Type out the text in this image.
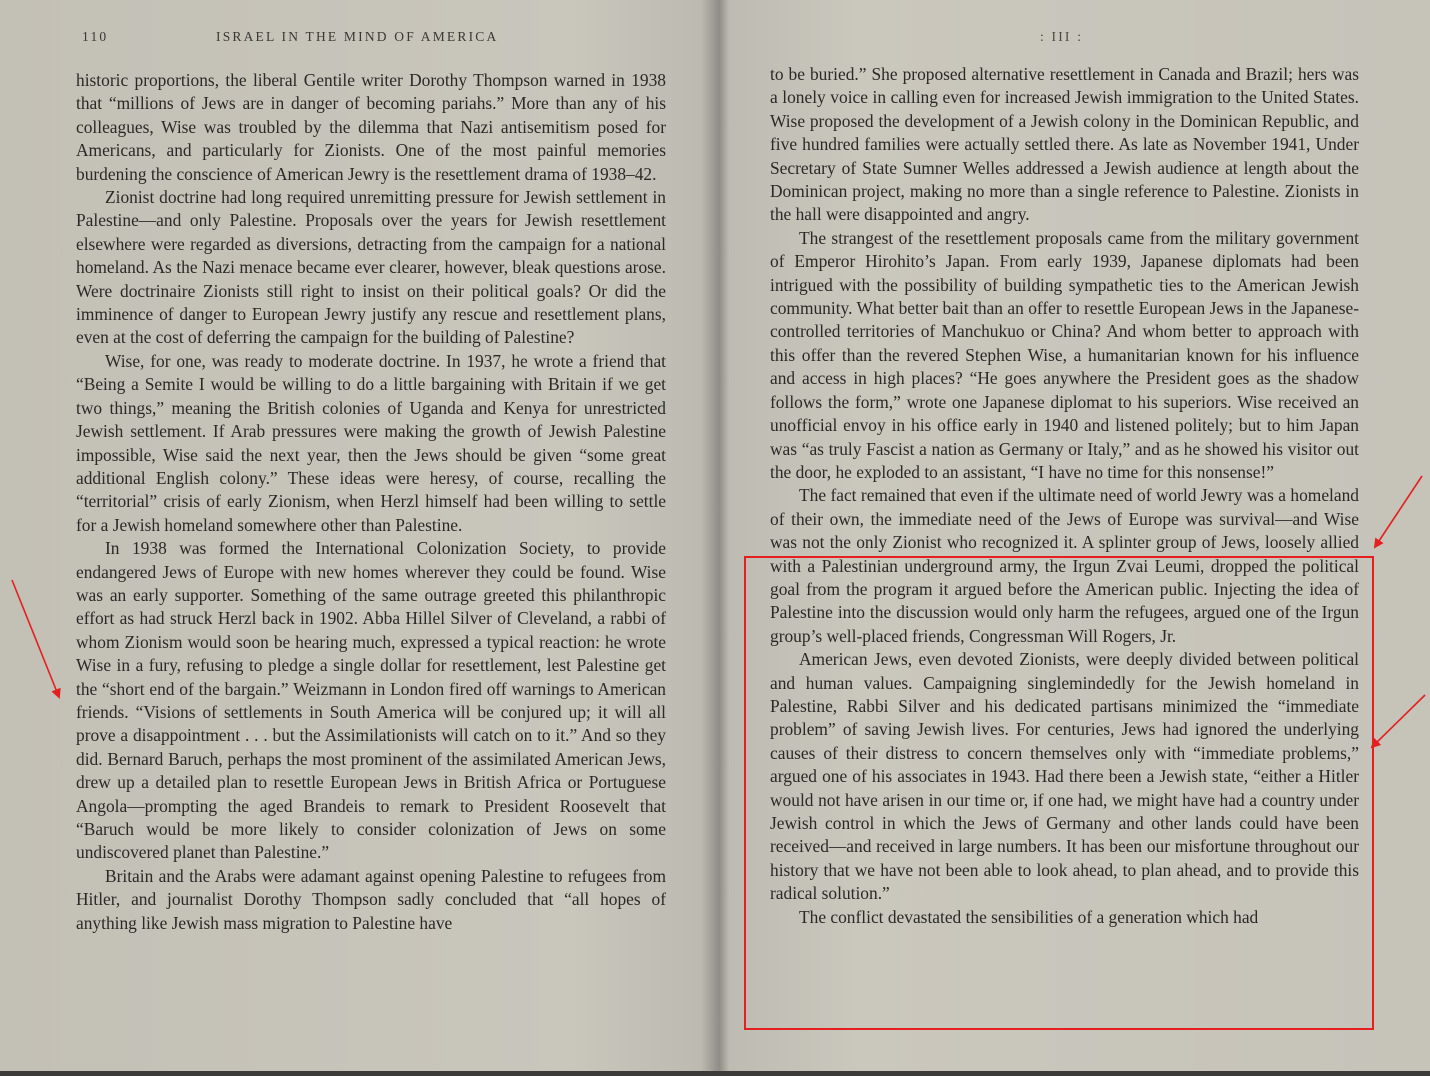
110	ISRAEL IN THE MIND OF AMERICA

historic proportions, the liberal Gentile writer Dorothy Thompson warned in 1938 that “millions of Jews are in danger of becoming pariahs.” More than any of his colleagues, Wise was troubled by the dilemma that Nazi antisemitism posed for Americans, and particularly for Zionists. One of the most painful memories burdening the conscience of American Jewry is the resettlement drama of 1938–42.

Zionist doctrine had long required unremitting pressure for Jewish settlement in Palestine—and only Palestine. Proposals over the years for Jewish resettlement elsewhere were regarded as diversions, detracting from the campaign for a national homeland. As the Nazi menace became ever clearer, however, bleak questions arose. Were doctrinaire Zionists still right to insist on their political goals? Or did the imminence of danger to European Jewry justify any rescue and resettlement plans, even at the cost of deferring the campaign for the building of Palestine?

Wise, for one, was ready to moderate doctrine. In 1937, he wrote a friend that “Being a Semite I would be willing to do a little bargaining with Britain if we get two things,” meaning the British colonies of Uganda and Kenya for unrestricted Jewish settlement. If Arab pressures were making the growth of Jewish Palestine impossible, Wise said the next year, then the Jews should be given “some great additional English colony.” These ideas were heresy, of course, recalling the “territorial” crisis of early Zionism, when Herzl himself had been willing to settle for a Jewish homeland somewhere other than Palestine.

In 1938 was formed the International Colonization Society, to provide endangered Jews of Europe with new homes wherever they could be found. Wise was an early supporter. Something of the same outrage greeted this philanthropic effort as had struck Herzl back in 1902. Abba Hillel Silver of Cleveland, a rabbi of whom Zionism would soon be hearing much, expressed a typical reaction: he wrote Wise in a fury, refusing to pledge a single dollar for resettlement, lest Palestine get the “short end of the bargain.” Weizmann in London fired off warnings to American friends. “Visions of settlements in South America will be conjured up; it will all prove a disappointment . . . but the Assimilationists will catch on to it.” And so they did. Bernard Baruch, perhaps the most prominent of the assimilated American Jews, drew up a detailed plan to resettle European Jews in British Africa or Portuguese Angola—prompting the aged Brandeis to remark to President Roosevelt that “Baruch would be more likely to consider colonization of Jews on some undiscovered planet than Palestine.”

Britain and the Arabs were adamant against opening Palestine to refugees from Hitler, and journalist Dorothy Thompson sadly concluded that “all hopes of anything like Jewish mass migration to Palestine have

: III :

to be buried.” She proposed alternative resettlement in Canada and Brazil; hers was a lonely voice in calling even for increased Jewish immigration to the United States. Wise proposed the development of a Jewish colony in the Dominican Republic, and five hundred families were actually settled there. As late as November 1941, Under Secretary of State Sumner Welles addressed a Jewish audience at length about the Dominican project, making no more than a single reference to Palestine. Zionists in the hall were disappointed and angry.

The strangest of the resettlement proposals came from the military government of Emperor Hirohito’s Japan. From early 1939, Japanese diplomats had been intrigued with the possibility of building sympathetic ties to the American Jewish community. What better bait than an offer to resettle European Jews in the Japanese-controlled territories of Manchukuo or China? And whom better to approach with this offer than the revered Stephen Wise, a humanitarian known for his influence and access in high places? “He goes anywhere the President goes as the shadow follows the form,” wrote one Japanese diplomat to his superiors. Wise received an unofficial envoy in his office early in 1940 and listened politely; but to him Japan was “as truly Fascist a nation as Germany or Italy,” and as he showed his visitor out the door, he exploded to an assistant, “I have no time for this nonsense!”

The fact remained that even if the ultimate need of world Jewry was a homeland of their own, the immediate need of the Jews of Europe was survival—and Wise was not the only Zionist who recognized it. A splinter group of Jews, loosely allied with a Palestinian underground army, the Irgun Zvai Leumi, dropped the political goal from the program it argued before the American public. Injecting the idea of Palestine into the discussion would only harm the refugees, argued one of the Irgun group’s well-placed friends, Congressman Will Rogers, Jr.

American Jews, even devoted Zionists, were deeply divided between political and human values. Campaigning singlemindedly for the Jewish homeland in Palestine, Rabbi Silver and his dedicated partisans minimized the “immediate problem” of saving Jewish lives. For centuries, Jews had ignored the underlying causes of their distress to concern themselves only with “immediate problems,” argued one of his associates in 1943. Had there been a Jewish state, “either a Hitler would not have arisen in our time or, if one had, we might have had a country under Jewish control in which the Jews of Germany and other lands could have been received—and received in large numbers. It has been our misfortune throughout our history that we have not been able to look ahead, to plan ahead, and to provide this radical solution.”

The conflict devastated the sensibilities of a generation which had
